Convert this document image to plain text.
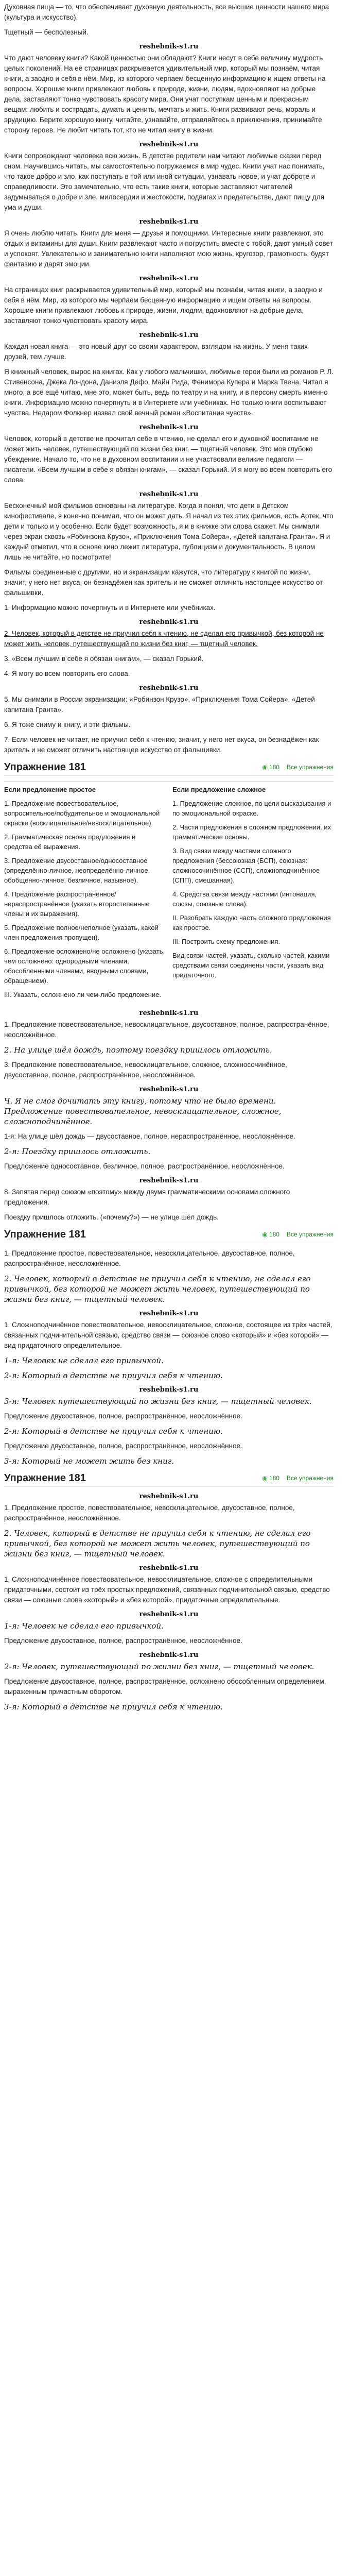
Духовная пища — то, что обеспечивает духовную деятельность, все высшие ценности нашего мира (культура и искусство).

Тщетный — бесполезный.

reshebnik-s1.ru

Что дают человеку книги? Какой ценностью они обладают? Книги несут в себе величину мудрость целых поколений. На её страницах раскрывается удивительный мир, который мы познаём, читая книги, а заодно и себя в нём. Мир, из которого черпаем бесценную информацию и ищем ответы на вопросы. Хорошие книги привлекают любовь к природе, жизни, людям, вдохновляют на добрые дела, заставляют тонко чувствовать красоту мира. Они учат поступкам ценным и прекрасным вещам: любить и сострадать, думать и ценить, мечтать и жить. Книги развивают речь, мораль и эрудицию. Берите хорошую книгу, читайте, узнавайте, отправляйтесь в приключения, принимайте сторону героев. Не любит читать тот, кто не читал книгу в жизни.

reshebnik-s1.ru

Книги сопровождают человека всю жизнь. В детстве родители нам читают любимые сказки перед сном. Научившись читать, мы самостоятельно погружаемся в мир чудес. Книги учат нас понимать, что такое добро и зло, как поступать в той или иной ситуации, узнавать новое, и учат доброте и справедливости. Это замечательно, что есть такие книги, которые заставляют читателей задумываться о добре и зле, милосердии и жестокости, подвигах и предательстве, дают пищу для ума и души.

reshebnik-s1.ru

Я очень люблю читать. Книги для меня — друзья и помощники. Интересные книги развлекают, это отдых и витамины для души. Книги развлекают часто и погрустить вместе с тобой, дают умный совет и успокоят. Увлекательно и занимательно книги наполняют мою жизнь, кругозор, грамотность, будят фантазию и дарят эмоции.

reshebnik-s1.ru

На страницах книг раскрывается удивительный мир, который мы познаём, читая книги, а заодно и себя в нём. Мир, из которого мы черпаем бесценную информацию и ищем ответы на вопросы. Хорошие книги привлекают любовь к природе, жизни, людям, вдохновляют на добрые дела, заставляют тонко чувствовать красоту мира.

reshebnik-s1.ru

Каждая новая книга — это новый друг со своим характером, взглядом на жизнь. У меня таких друзей, тем лучше.

Я книжный человек, вырос на книгах. Как у любого мальчишки, любимые герои были из романов Р. Л. Стивенсона, Джека Лондона, Даниэля Дефо, Майн Рида, Фенимора Купера и Марка Твена. Читал я много, а всё ещё читаю, мне это, может быть, ведь по театру и на книгу, и в персону смерть именно книги. Информацию можно почерпнуть и в Интернете или учебниках. Но только книги воспитывают чувства. Недаром Фолкнер назвал свой вечный роман «Воспитание чувств».

reshebnik-s1.ru

Человек, который в детстве не прочитал себе в чтению, не сделал его и духовной воспитание не может жить человек, путешествующий по жизни без книг, — тщетный человек. Это моя глубоко убеждение. Начало то, что не в духовном воспитании и не участвовали великие педагоги — писатели. «Всем лучшим в себе я обязан книгам», — сказал Горький. И я могу во всем повторить его слова.

reshebnik-s1.ru

Бесконечный мой фильмов основаны на литературе. Когда я понял, что дети в Детском кинофестивале, я конечно понимал, что он может дать. Я начал из тех этих фильмов, есть Артек, что дети и только и у особенно. Если будет возможность, я и в книжке эти слова скажет. Мы снимали через экран сквозь «Робинзона Крузо», «Приключения Тома Сойера», «Детей капитана Гранта». Я и каждый отметил, что в основе кино лежит литература, публицизм и документальность. В целом лишь не читайте, но посмотрите!

Фильмы соединенные с другими, но и экранизации кажутся, что литературу к книгой по жизни, значит, у него нет вкуса, он безнадёжен как зритель и не сможет отличить настоящее искусство от фальшивки.

1. Информацию можно почерпнуть и в Интернете или учебниках.

reshebnik-s1.ru

2. Человек, который в детстве не приучил себя к чтению, не сделал его привычкой, без которой не может жить человек, путешествующий по жизни без книг, — тщетный человек.

3. «Всем лучшим в себе я обязан книгам», — сказал Горький.

4. Я могу во всем повторить его слова.

reshebnik-s1.ru

5. Мы снимали в России экранизации: «Робинзон Крузо», «Приключения Тома Сойера», «Детей капитана Гранта».

6. Я тоже сниму и книгу, и эти фильмы.

7. Если человек не читает, не приучил себя к чтению, значит, у него нет вкуса, он безнадёжен как зритель и не сможет отличить настоящее искусство от фальшивки.

Упражнение 181	◉ 180 Все упражнения

Если предложение простое

1. Предложение повествовательное, вопросительное/побудительное и эмоциональной окраске (восклицательное/невосклицательное).

2. Грамматическая основа предложения и средства её выражения.

3. Предложение двусоставное/односоставное (определённо-личное, неопределённо-личное, обобщённо-личное, безличное, назывное).

4. Предложение распространённое/нераспространённое (указать второстепенные члены и их выражения).

5. Предложение полное/неполное (указать, какой член предложения пропущен).

6. Предложение осложнено/не осложнено (указать, чем осложнено: однородными членами, обособленными членами, вводными словами, обращением).

III. Указать, осложнено ли чем-либо предложение.

Если предложение сложное

1. Предложение сложное, по цели высказывания и по эмоциональной окраске.

2. Части предложения в сложном предложении, их грамматические основы.

3. Вид связи между частями сложного предложения (бессоюзная (БСП), союзная: сложносочинённое (ССП), сложноподчинённое (СПП), смешанная).

4. Средства связи между частями (интонация, союзы, союзные слова).

II. Разобрать каждую часть сложного предложения как простое.

III. Построить схему предложения.

Вид связи частей, указать, сколько частей, какими средствами связи соединены части, указать вид придаточного.

reshebnik-s1.ru

1. Предложение повествовательное, невосклицательное, двусоставное, полное, распространённое, неосложнённое.

2. На улице шёл дождь, поэтому поездку пришлось отложить.

3. Предложение повествовательное, невосклицательное, сложное, сложносочинённое, двусоставное, полное, распространённое, неосложнённое.

reshebnik-s1.ru

Ч. Я не смог дочитать эту книгу, потому что не было времени. Предложение повествовательное, невосклицательное, сложное, сложноподчинённое.

1-я: На улице шёл дождь — двусоставное, полное, нераспространённое, неосложнённое.

2-я: Поездку пришлось отложить.

Предложение односоставное, безличное, полное, распространённое, неосложнённое.

reshebnik-s1.ru

8. Запятая перед союзом «поэтому» между двумя грамматическими основами сложного предложения.

Поездку пришлось отложить. («почему?») — не улице шёл дождь.

Упражнение 181	◉ 180 Все упражнения

1. Предложение простое, повествовательное, невосклицательное, двусоставное, полное, распространённое, неосложнённое.

2. Человек, который в детстве не приучил себя к чтению, не сделал его привычкой, без которой не может жить человек, путешествующий по жизни без книг, — тщетный человек.

reshebnik-s1.ru

1. Сложноподчинённое повествовательное, невосклицательное, сложное, состоящее из трёх частей, связанных подчинительной связью, средство связи — союзное слово «который» и «без которой» — вид придаточного определительное.

1-я: Человек не сделал его привычкой.

2-я: Который в детстве не приучил себя к чтению.

reshebnik-s1.ru

3-я: Человек путешествующий по жизни без книг, — тщетный человек.

Предложение двусоставное, полное, распространённое, неосложнённое.

2-я: Который в детстве не приучил себя к чтению.

Предложение двусоставное, полное, распространённое, неосложнённое.

3-я: Который не может жить без книг.

Упражнение 181	◉ 180 Все упражнения
reshebnik-s1.ru

1. Предложение простое, повествовательное, невосклицательное, двусоставное, полное, распространённое, неосложнённое.

2. Человек, который в детстве не приучил себя к чтению, не сделал его привычкой, без которой не может жить человек, путешествующий по жизни без книг, — тщетный человек.

reshebnik-s1.ru

1. Сложноподчинённое повествовательное, невосклицательное, сложное с определительными придаточными, состоит из трёх простых предложений, связанных подчинительной связью, средство связи — союзные слова «который» и «без которой», придаточные определительные.

reshebnik-s1.ru

1-я: Человек не сделал его привычкой.

Предложение двусоставное, полное, распространённое, неосложнённое.

reshebnik-s1.ru

2-я: Человек, путешествующий по жизни без книг, — тщетный человек.

Предложение двусоставное, полное, распространённое, осложнено обособленным определением, выраженным причастным оборотом.

3-я: Который в детстве не приучил себя к чтению.
